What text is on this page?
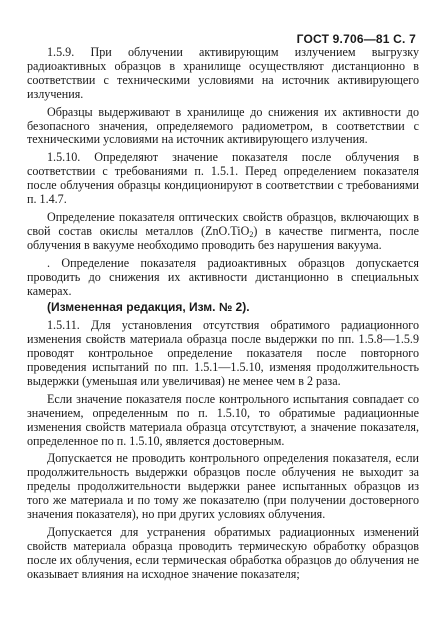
ГОСТ 9.706—81 С. 7

1.5.9. При облучении активирующим излучением выгрузку радиоактивных образцов в хранилище осуществляют дистанционно в соответствии с техническими условиями на источник активирующего излучения.

Образцы выдерживают в хранилище до снижения их активности до безопасного значения, определяемого радиометром, в соответствии с техническими условиями на источник активирующего излучения.

1.5.10. Определяют значение показателя после облучения в соответствии с требованиями п. 1.5.1. Перед определением показателя после облучения образцы кондиционируют в соответствии с требованиями п. 1.4.7.

Определение показателя оптических свойств образцов, включающих в свой состав окислы металлов (ZnO.TiO$_2$) в качестве пигмента, после облучения в вакууме необходимо проводить без нарушения вакуума.

. Определение показателя радиоактивных образцов допускается проводить до снижения их активности дистанционно в специальных камерах.

(Измененная редакция, Изм. № 2).

1.5.11. Для установления отсутствия обратимого радиационного изменения свойств материала образца после выдержки по пп. 1.5.8—1.5.9 проводят контрольное определение показателя после повторного проведения испытаний по пп. 1.5.1—1.5.10, изменяя продолжительность выдержки (уменьшая или увеличивая) не менее чем в 2 раза.

Если значение показателя после контрольного испытания совпадает со значением, определенным по п. 1.5.10, то обратимые радиационные изменения свойств материала образца отсутствуют, а значение показателя, определенное по п. 1.5.10, является достоверным.

Допускается не проводить контрольного определения показателя, если продолжительность выдержки образцов после облучения не выходит за пределы продолжительности выдержки ранее испытанных образцов из того же материала и по тому же показателю (при получении достоверного значения показателя), но при других условиях облучения.

Допускается для устранения обратимых радиационных изменений свойств материала образца проводить термическую обработку образцов после их облучения, если термическая обработка образцов до облучения не оказывает влияния на исходное значение показателя;
